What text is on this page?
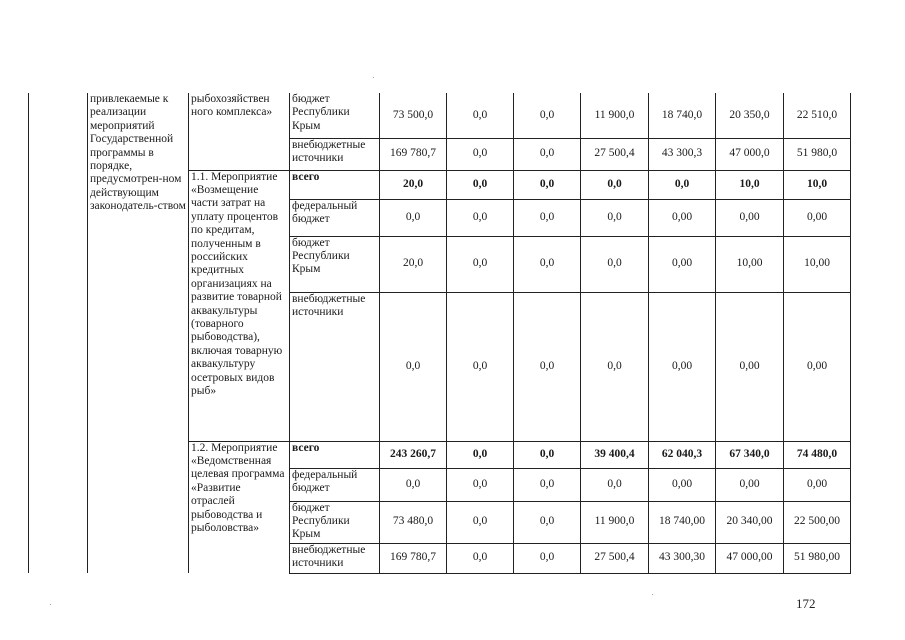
	привлекаемые к реализации мероприятий Государственной программы в порядке, предусмотрен-ном действующим законодатель-ством	рыбохозяйствен ного комплекса»	бюджет Республики Крым	73 500,0	0,0	0,0	11 900,0	18 740,0	20 350,0	22 510,0
			внебюджетные источники	169 780,7	0,0	0,0	27 500,4	43 300,3	47 000,0	51 980,0
		1.1. Мероприятие «Возмещение части затрат на уплату процентов по кредитам, полученным в российских кредитных организациях на развитие товарной аквакультуры (товарного рыбоводства), включая товарную аквакультуру осетровых видов рыб»	всего	20,0	0,0	0,0	0,0	0,0	10,0	10,0
			федеральный бюджет	0,0	0,0	0,0	0,0	0,00	0,00	0,00
			бюджет Республики Крым	20,0	0,0	0,0	0,0	0,00	10,00	10,00
			внебюджетные источники	0,0	0,0	0,0	0,0	0,00	0,00	0,00
		1.2. Мероприятие «Ведомственная целевая программа «Развитие отраслей рыбоводства и рыболовства»	всего	243 260,7	0,0	0,0	39 400,4	62 040,3	67 340,0	74 480,0
			федеральный бюджет	0,0	0,0	0,0	0,0	0,00	0,00	0,00
			бюджет Республики Крым	73 480,0	0,0	0,0	11 900,0	18 740,00	20 340,00	22 500,00
			внебюджетные источники	169 780,7	0,0	0,0	27 500,4	43 300,30	47 000,00	51 980,00
172
